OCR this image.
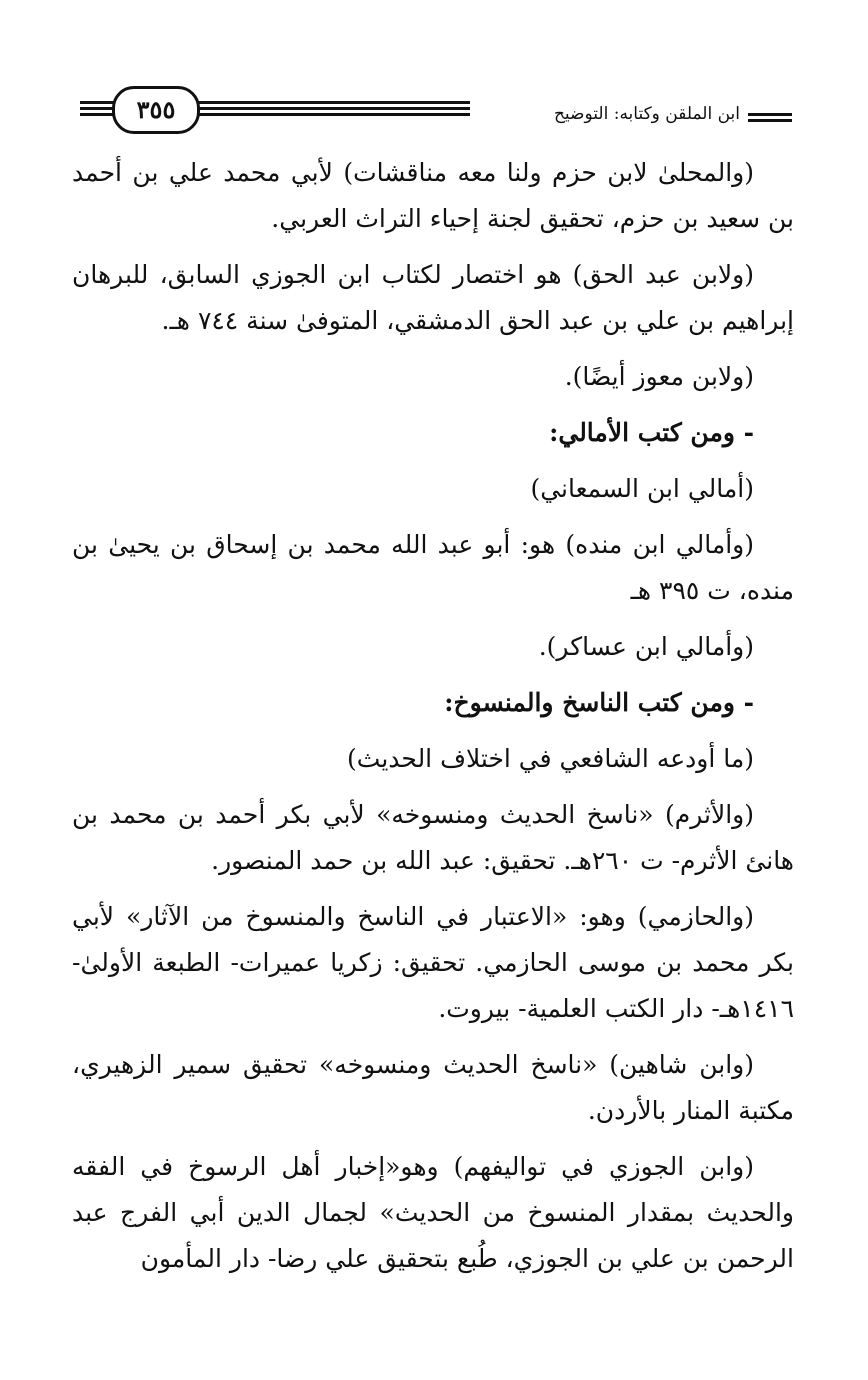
٣٥٥	ابن الملقن وكتابه: التوضيح

(والمحلىٰ لابن حزم ولنا معه مناقشات) لأبي محمد علي بن أحمد بن سعيد بن حزم، تحقيق لجنة إحياء التراث العربي.

(ولابن عبد الحق) هو اختصار لكتاب ابن الجوزي السابق، للبرهان إبراهيم بن علي بن عبد الحق الدمشقي، المتوفىٰ سنة ٧٤٤ هـ.

(ولابن معوز أيضًا).

- ومن كتب الأمالي:

(أمالي ابن السمعاني)

(وأمالي ابن منده) هو: أبو عبد الله محمد بن إسحاق بن يحيىٰ بن منده، ت ٣٩٥ هـ

(وأمالي ابن عساكر).

- ومن كتب الناسخ والمنسوخ:

(ما أودعه الشافعي في اختلاف الحديث)

(والأثرم) «ناسخ الحديث ومنسوخه» لأبي بكر أحمد بن محمد بن هانئ الأثرم- ت ٢٦٠هـ. تحقيق: عبد الله بن حمد المنصور.

(والحازمي) وهو: «الاعتبار في الناسخ والمنسوخ من الآثار» لأبي بكر محمد بن موسى الحازمي. تحقيق: زكريا عميرات- الطبعة الأولىٰ- ١٤١٦هـ- دار الكتب العلمية- بيروت.

(وابن شاهين) «ناسخ الحديث ومنسوخه» تحقيق سمير الزهيري، مكتبة المنار بالأردن.

(وابن الجوزي في تواليفهم) وهو«إخبار أهل الرسوخ في الفقه والحديث بمقدار المنسوخ من الحديث» لجمال الدين أبي الفرج عبد الرحمن بن علي بن الجوزي، طُبع بتحقيق علي رضا- دار المأمون
